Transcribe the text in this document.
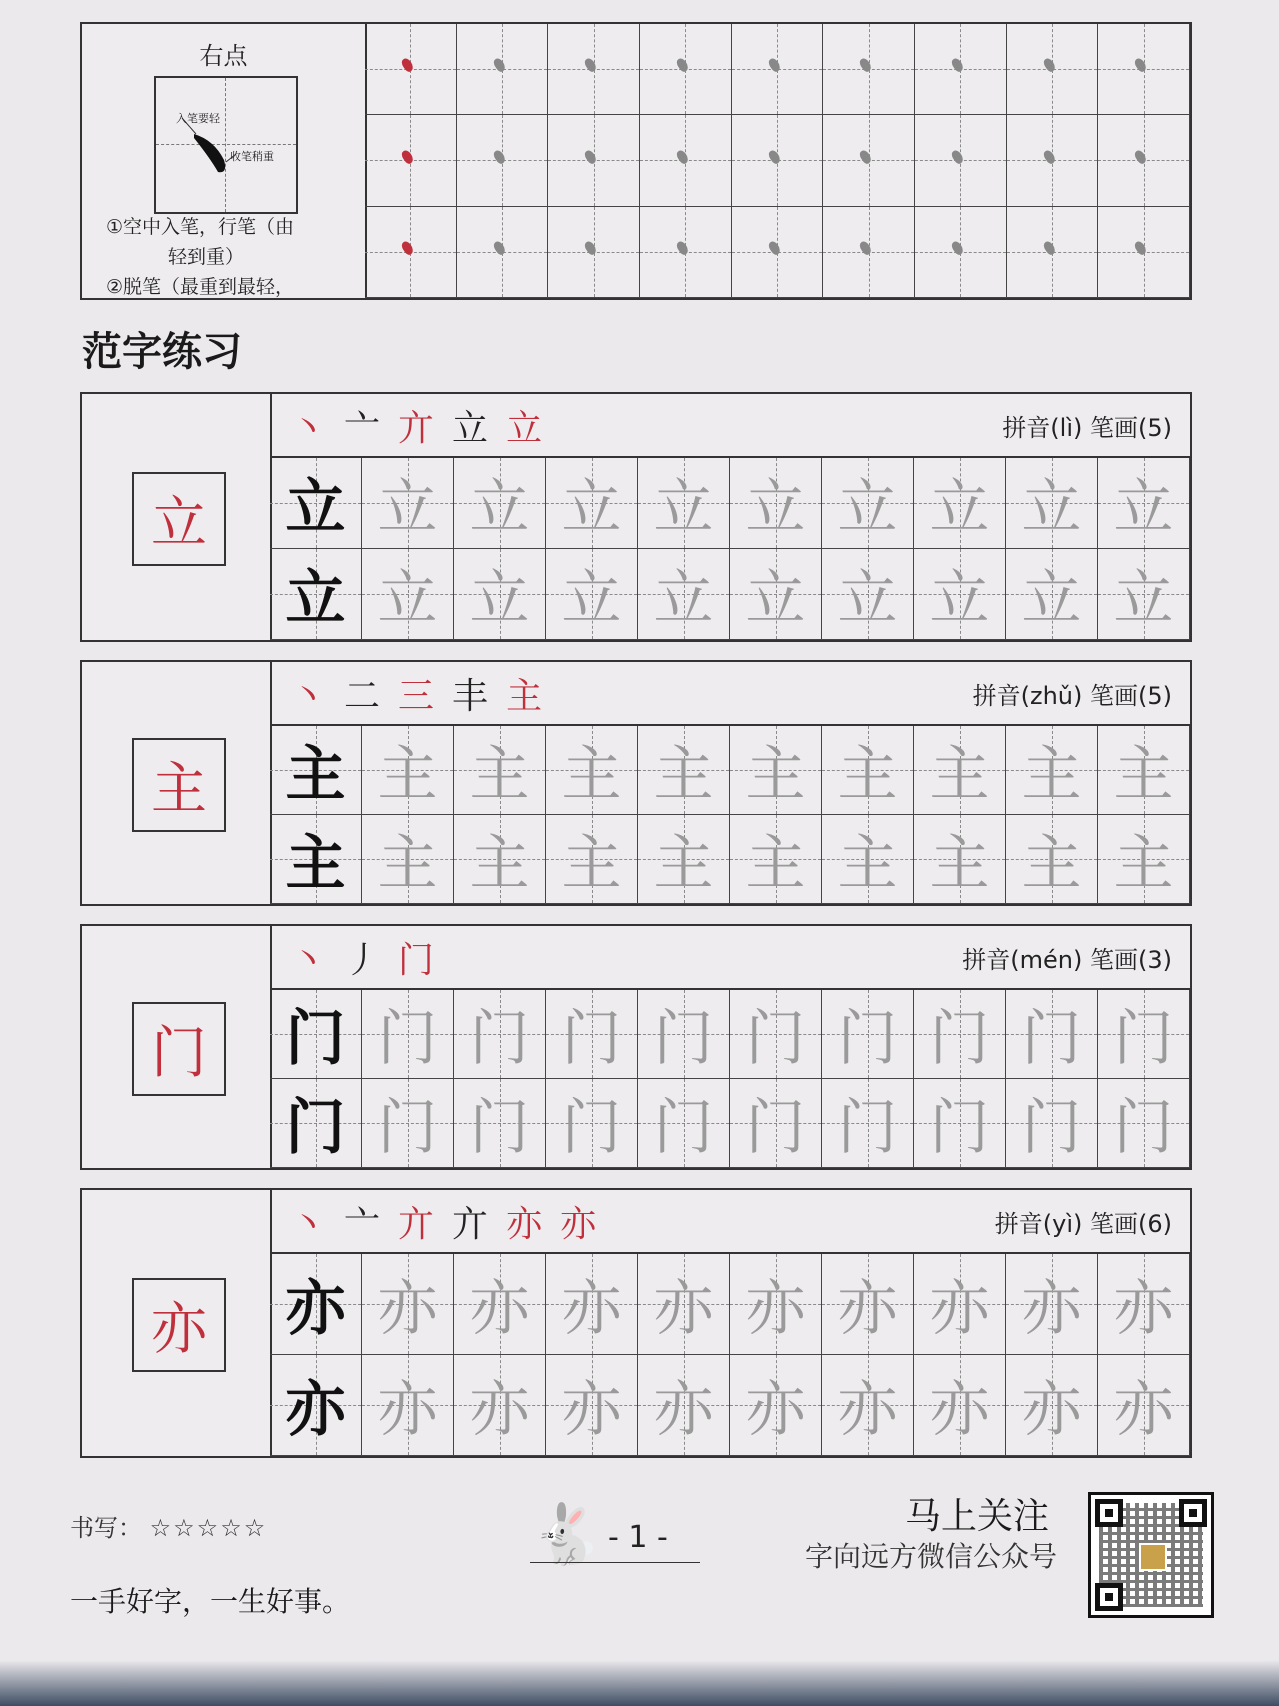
右点
入笔要轻
收笔稍重
①空中入笔，行笔（由
轻到重）
②脱笔（最重到最轻，
范字练习
立
丶 亠 亣 立 立	拼音(lì) 笔画(5)
立 立 立 立 立 立 立 立 立 立
立 立 立 立 立 立 立 立 立 立
主
丶 二 三 丰 主	拼音(zhǔ) 笔画(5)
主 主 主 主 主 主 主 主 主 主
主 主 主 主 主 主 主 主 主 主
门
丶 丿 门	拼音(mén) 笔画(3)
门 门 门 门 门 门 门 门 门 门
门 门 门 门 门 门 门 门 门 门
亦
丶 亠 亣 亣 亦 亦	拼音(yì) 笔画(6)
亦 亦 亦 亦 亦 亦 亦 亦 亦 亦
亦 亦 亦 亦 亦 亦 亦 亦 亦 亦
书写： ☆☆☆☆☆	🐇 - 1 -
一手好字，一生好事。
马上关注
字向远方微信公众号
